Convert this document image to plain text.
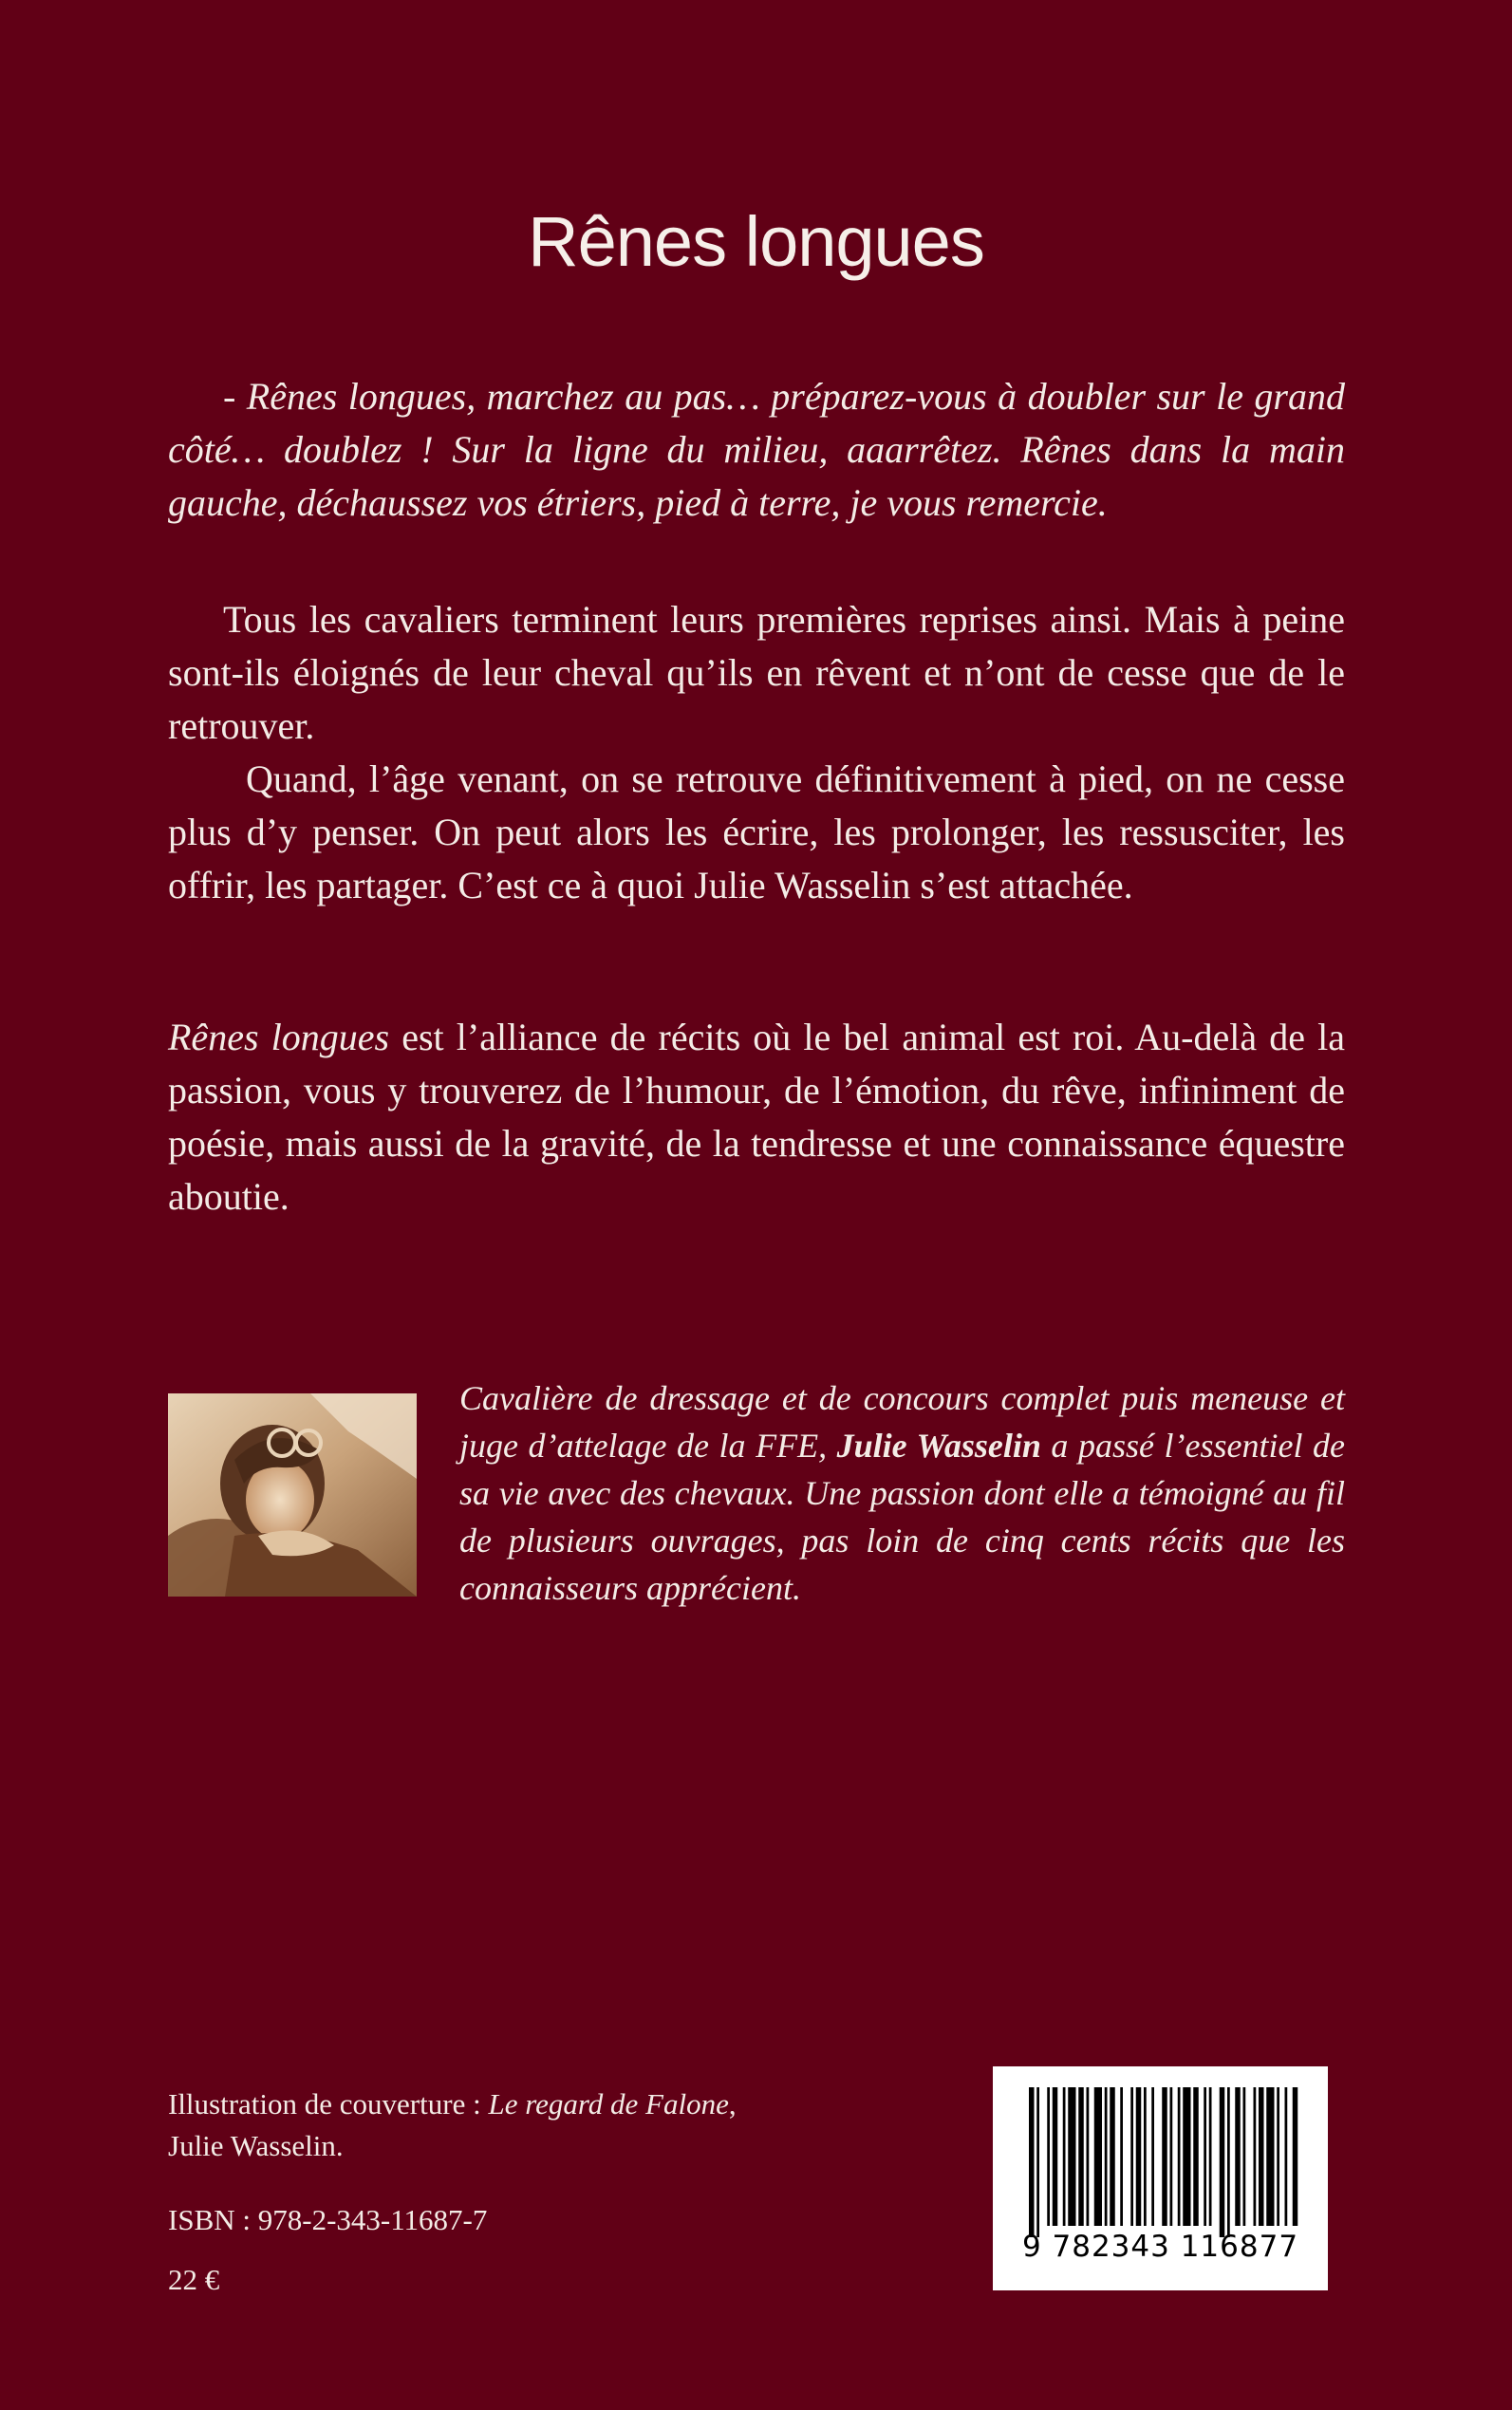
Rênes longues

- Rênes longues, marchez au pas… préparez-vous à doubler sur le grand côté… doublez ! Sur la ligne du milieu, aaarrêtez. Rênes dans la main gauche, déchaussez vos étriers, pied à terre, je vous remercie.

Tous les cavaliers terminent leurs premières reprises ainsi. Mais à peine sont-ils éloignés de leur cheval qu’ils en rêvent et n’ont de cesse que de le retrouver.

Quand, l’âge venant, on se retrouve définitivement à pied, on ne cesse plus d’y penser. On peut alors les écrire, les prolonger, les ressusciter, les offrir, les partager. C’est ce à quoi Julie Wasselin s’est attachée.

Rênes longues est l’alliance de récits où le bel animal est roi. Au-delà de la passion, vous y trouverez de l’humour, de l’émotion, du rêve, infiniment de poésie, mais aussi de la gravité, de la tendresse et une connaissance équestre aboutie.

Cavalière de dressage et de concours complet puis meneuse et juge d’attelage de la FFE, Julie Wasselin a passé l’essentiel de sa vie avec des chevaux. Une passion dont elle a témoigné au fil de plusieurs ouvrages, pas loin de cinq cents récits que les connaisseurs apprécient.

Illustration de couverture : Le regard de Falone,
Julie Wasselin.

ISBN : 978-2-343-11687-7
22 €
9 782343 116877
